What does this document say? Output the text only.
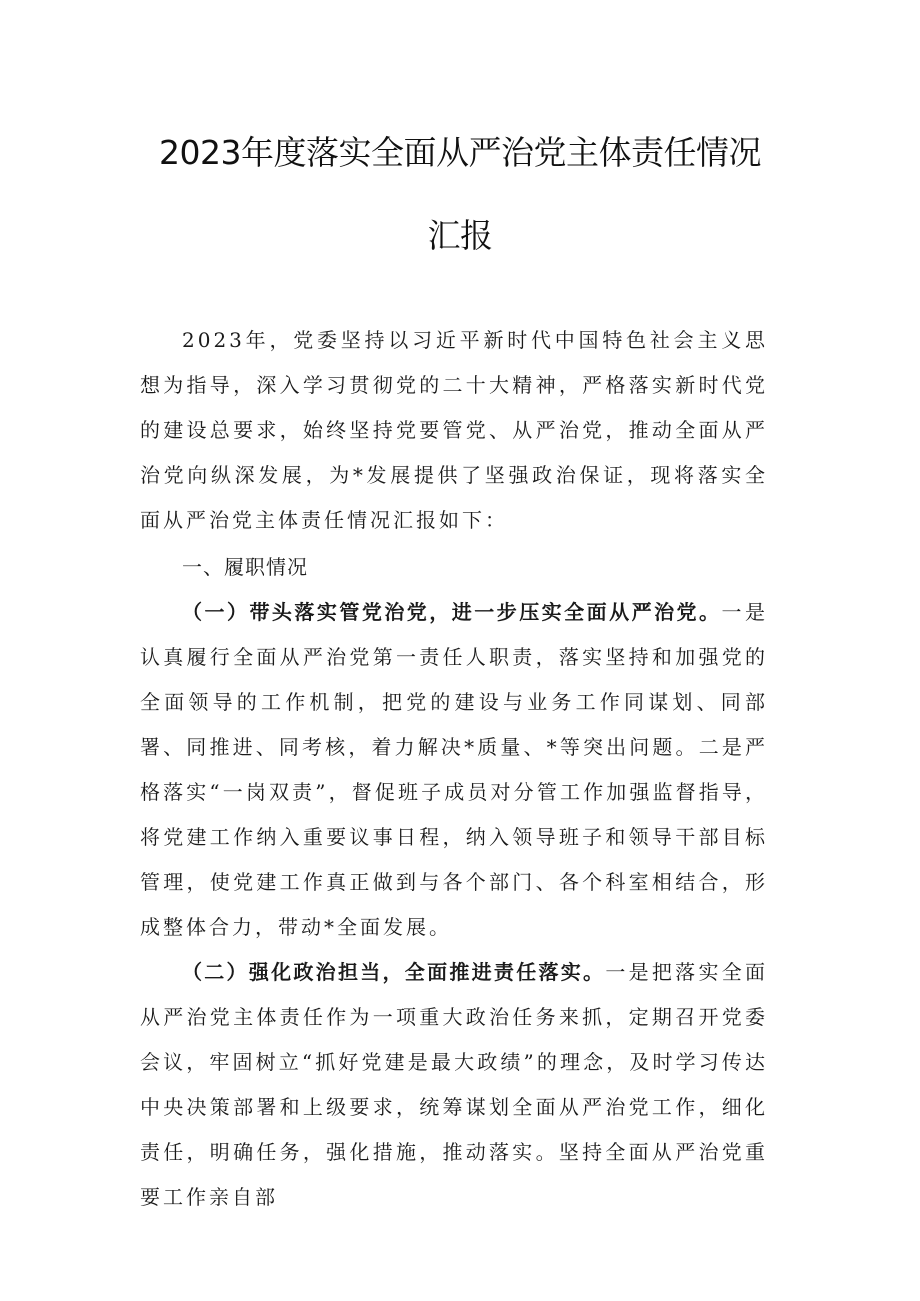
2023年度落实全面从严治党主体责任情况
汇报

2023年，党委坚持以习近平新时代中国特色社会主义思想为指导，深入学习贯彻党的二十大精神，严格落实新时代党的建设总要求，始终坚持党要管党、从严治党，推动全面从严治党向纵深发展，为*发展提供了坚强政治保证，现将落实全面从严治党主体责任情况汇报如下：

一、履职情况

（一）带头落实管党治党，进一步压实全面从严治党。一是认真履行全面从严治党第一责任人职责，落实坚持和加强党的全面领导的工作机制，把党的建设与业务工作同谋划、同部署、同推进、同考核，着力解决*质量、*等突出问题。二是严格落实“一岗双责”，督促班子成员对分管工作加强监督指导，将党建工作纳入重要议事日程，纳入领导班子和领导干部目标管理，使党建工作真正做到与各个部门、各个科室相结合，形成整体合力，带动*全面发展。

（二）强化政治担当，全面推进责任落实。一是把落实全面从严治党主体责任作为一项重大政治任务来抓，定期召开党委会议，牢固树立“抓好党建是最大政绩”的理念，及时学习传达中央决策部署和上级要求，统筹谋划全面从严治党工作，细化责任，明确任务，强化措施，推动落实。坚持全面从严治党重要工作亲自部
